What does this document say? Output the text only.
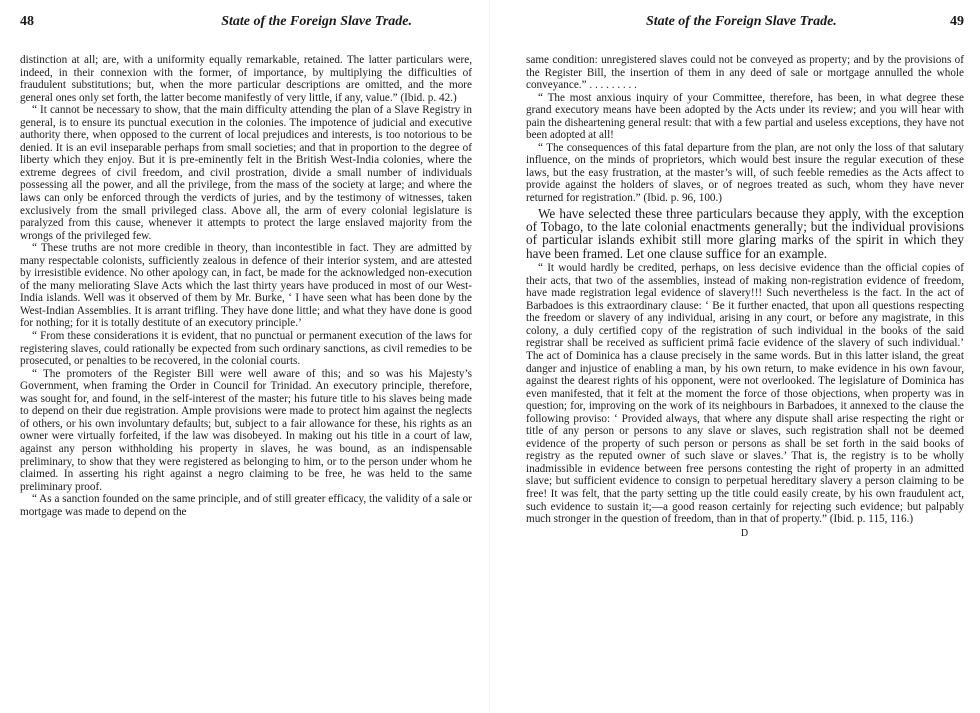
48	State of the Foreign Slave Trade.

distinction at all; are, with a uniformity equally remarkable, retained. The latter particulars were, indeed, in their connexion with the former, of importance, by multiplying the difficulties of fraudulent substitutions; but, when the more particular descriptions are omitted, and the more general ones only set forth, the latter become manifestly of very little, if any, value.” (Ibid. p. 42.)

“ It cannot be necessary to show, that the main difficulty attending the plan of a Slave Registry in general, is to ensure its punctual execution in the colonies. The impotence of judicial and executive authority there, when opposed to the current of local prejudices and interests, is too notorious to be denied. It is an evil inseparable perhaps from small societies; and that in proportion to the degree of liberty which they enjoy. But it is pre-eminently felt in the British West-India colonies, where the extreme degrees of civil freedom, and civil prostration, divide a small number of individuals possessing all the power, and all the privilege, from the mass of the society at large; and where the laws can only be enforced through the verdicts of juries, and by the testimony of witnesses, taken exclusively from the small privileged class. Above all, the arm of every colonial legislature is paralyzed from this cause, whenever it attempts to protect the large enslaved majority from the wrongs of the privileged few.

“ These truths are not more credible in theory, than incontestible in fact. They are admitted by many respectable colonists, sufficiently zealous in defence of their interior system, and are attested by irresistible evidence. No other apology can, in fact, be made for the acknowledged non-execution of the many meliorating Slave Acts which the last thirty years have produced in most of our West-India islands. Well was it observed of them by Mr. Burke, ‘ I have seen what has been done by the West-Indian Assemblies. It is arrant trifling. They have done little; and what they have done is good for nothing; for it is totally destitute of an executory principle.’

“ From these considerations it is evident, that no punctual or permanent execution of the laws for registering slaves, could rationally be expected from such ordinary sanctions, as civil remedies to be prosecuted, or penalties to be recovered, in the colonial courts.

“ The promoters of the Register Bill were well aware of this; and so was his Majesty’s Government, when framing the Order in Council for Trinidad. An executory principle, therefore, was sought for, and found, in the self-interest of the master; his future title to his slaves being made to depend on their due registration. Ample provisions were made to protect him against the neglects of others, or his own involuntary defaults; but, subject to a fair allowance for these, his rights as an owner were virtually forfeited, if the law was disobeyed. In making out his title in a court of law, against any person withholding his property in slaves, he was bound, as an indispensable preliminary, to show that they were registered as belonging to him, or to the person under whom he claimed. In asserting his right against a negro claiming to be free, he was held to the same preliminary proof.

“ As a sanction founded on the same principle, and of still greater efficacy, the validity of a sale or mortgage was made to depend on the

State of the Foreign Slave Trade.	49

same condition: unregistered slaves could not be conveyed as property; and by the provisions of the Register Bill, the insertion of them in any deed of sale or mortgage annulled the whole conveyance.” . . . . . . . . .

“ The most anxious inquiry of your Committee, therefore, has been, in what degree these grand executory means have been adopted by the Acts under its review; and you will hear with pain the disheartening general result: that with a few partial and useless exceptions, they have not been adopted at all!

“ The consequences of this fatal departure from the plan, are not only the loss of that salutary influence, on the minds of proprietors, which would best insure the regular execution of these laws, but the easy frustration, at the master’s will, of such feeble remedies as the Acts affect to provide against the holders of slaves, or of negroes treated as such, whom they have never returned for registration.” (Ibid. p. 96, 100.)

We have selected these three particulars because they apply, with the exception of Tobago, to the late colonial enactments generally; but the individual provisions of particular islands exhibit still more glaring marks of the spirit in which they have been framed. Let one clause suffice for an example.

“ It would hardly be credited, perhaps, on less decisive evidence than the official copies of their acts, that two of the assemblies, instead of making non-registration evidence of freedom, have made registration legal evidence of slavery!!! Such nevertheless is the fact. In the act of Barbadoes is this extraordinary clause: ‘ Be it further enacted, that upon all questions respecting the freedom or slavery of any individual, arising in any court, or before any magistrate, in this colony, a duly certified copy of the registration of such individual in the books of the said registrar shall be received as sufficient primâ facie evidence of the slavery of such individual.’ The act of Dominica has a clause precisely in the same words. But in this latter island, the great danger and injustice of enabling a man, by his own return, to make evidence in his own favour, against the dearest rights of his opponent, were not overlooked. The legislature of Dominica has even manifested, that it felt at the moment the force of those objections, when property was in question; for, improving on the work of its neighbours in Barbadoes, it annexed to the clause the following proviso: ‘ Provided always, that where any dispute shall arise respecting the right or title of any person or persons to any slave or slaves, such registration shall not be deemed evidence of the property of such person or persons as shall be set forth in the said books of registry as the reputed owner of such slave or slaves.’ That is, the registry is to be wholly inadmissible in evidence between free persons contesting the right of property in an admitted slave; but sufficient evidence to consign to perpetual hereditary slavery a person claiming to be free! It was felt, that the party setting up the title could easily create, by his own fraudulent act, such evidence to sustain it;—a good reason certainly for rejecting such evidence; but palpably much stronger in the question of freedom, than in that of property.” (Ibid. p. 115, 116.)

D
